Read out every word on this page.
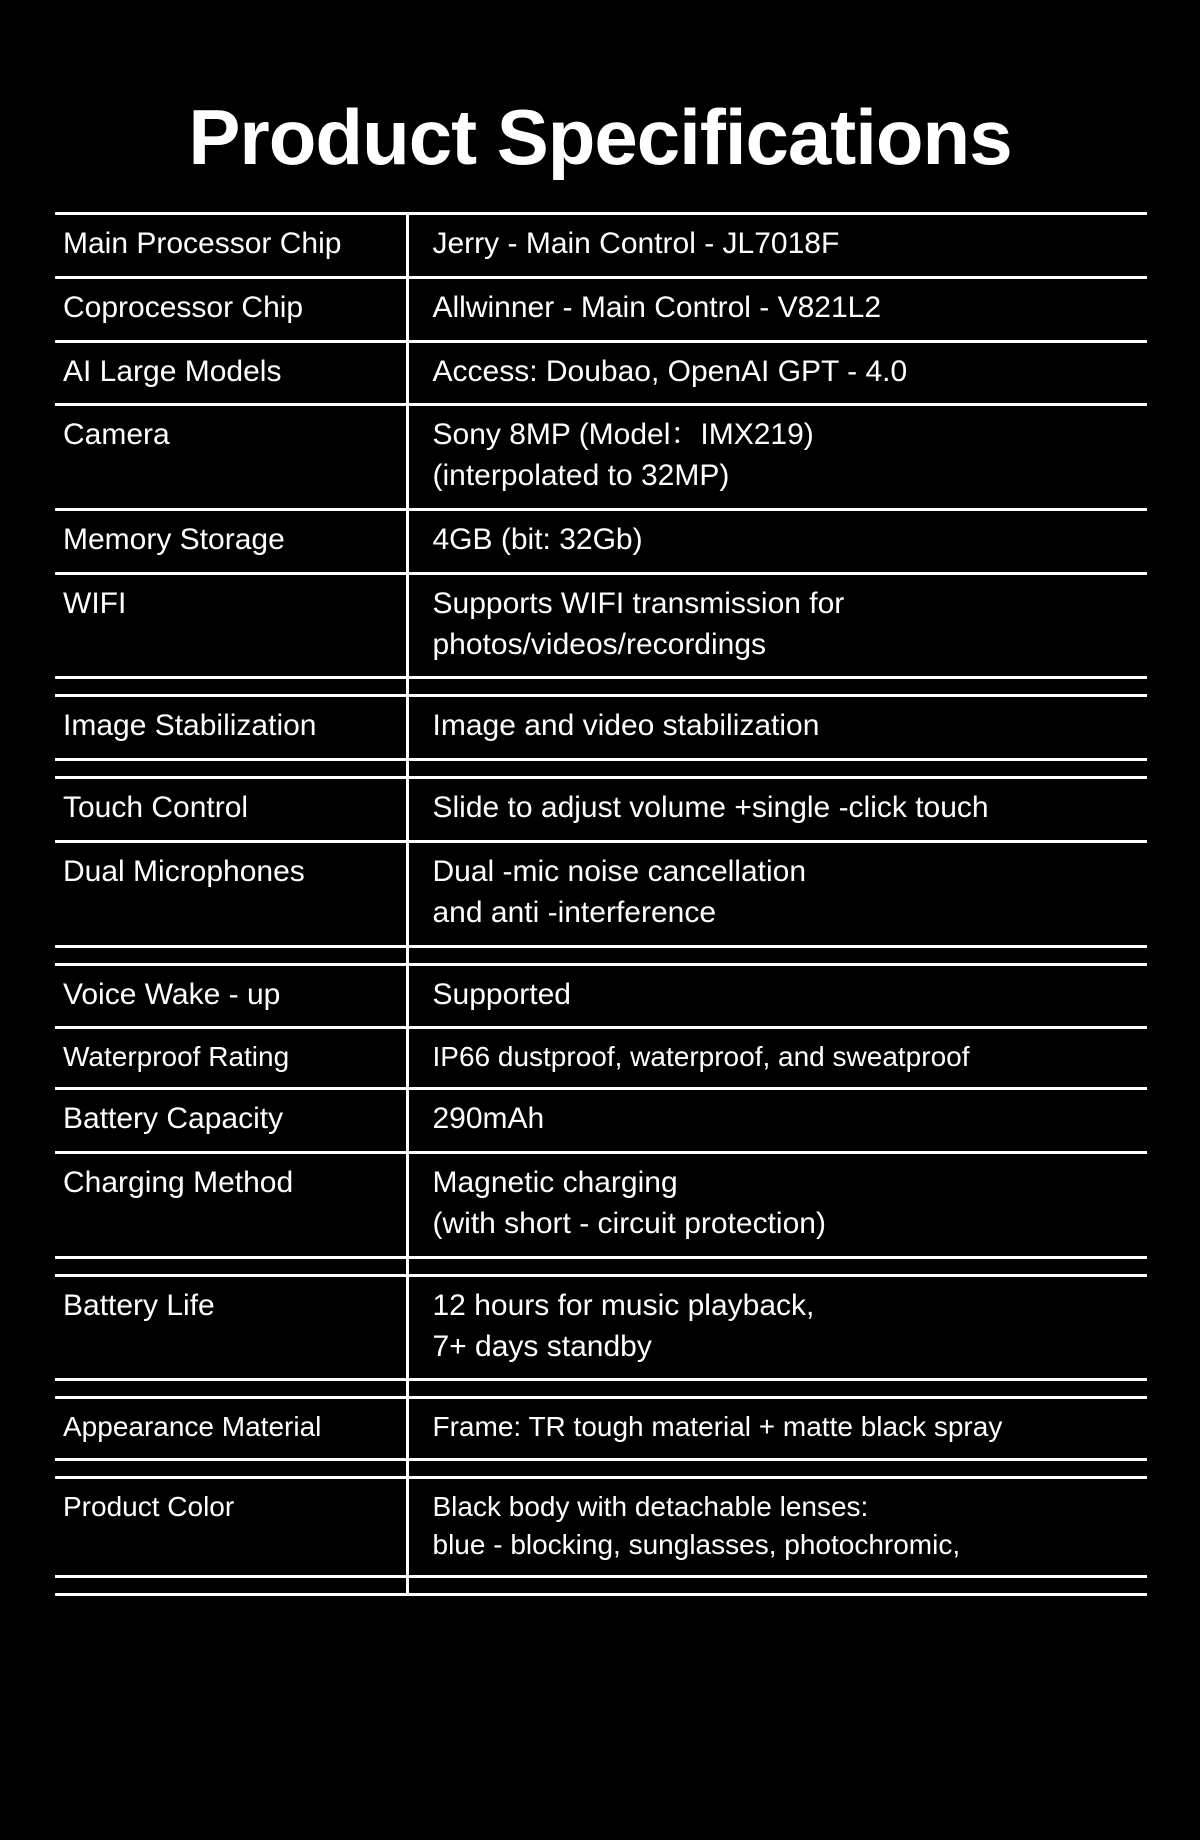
Product Specifications
Main Processor Chip	Jerry - Main Control - JL7018F

Coprocessor Chip	Allwinner - Main Control - V821L2

AI Large Models	Access: Doubao, OpenAI GPT - 4.0

Camera	Sony 8MP (Model：IMX219)
(interpolated to 32MP)

Memory Storage	4GB (bit: 32Gb)

WIFI	Supports WIFI transmission for
photos/videos/recordings

Image Stabilization	Image and video stabilization

Touch Control	Slide to adjust volume +single -click touch

Dual Microphones	Dual -mic noise cancellation
and anti -interference

Voice Wake - up	Supported

Waterproof Rating	IP66 dustproof, waterproof, and sweatproof

Battery Capacity	290mAh

Charging Method	Magnetic charging
(with short - circuit protection)

Battery Life	12 hours for music playback,
7+ days standby

Appearance Material	Frame: TR tough material + matte black spray

Product Color	Black body with detachable lenses:
blue - blocking, sunglasses, photochromic,
